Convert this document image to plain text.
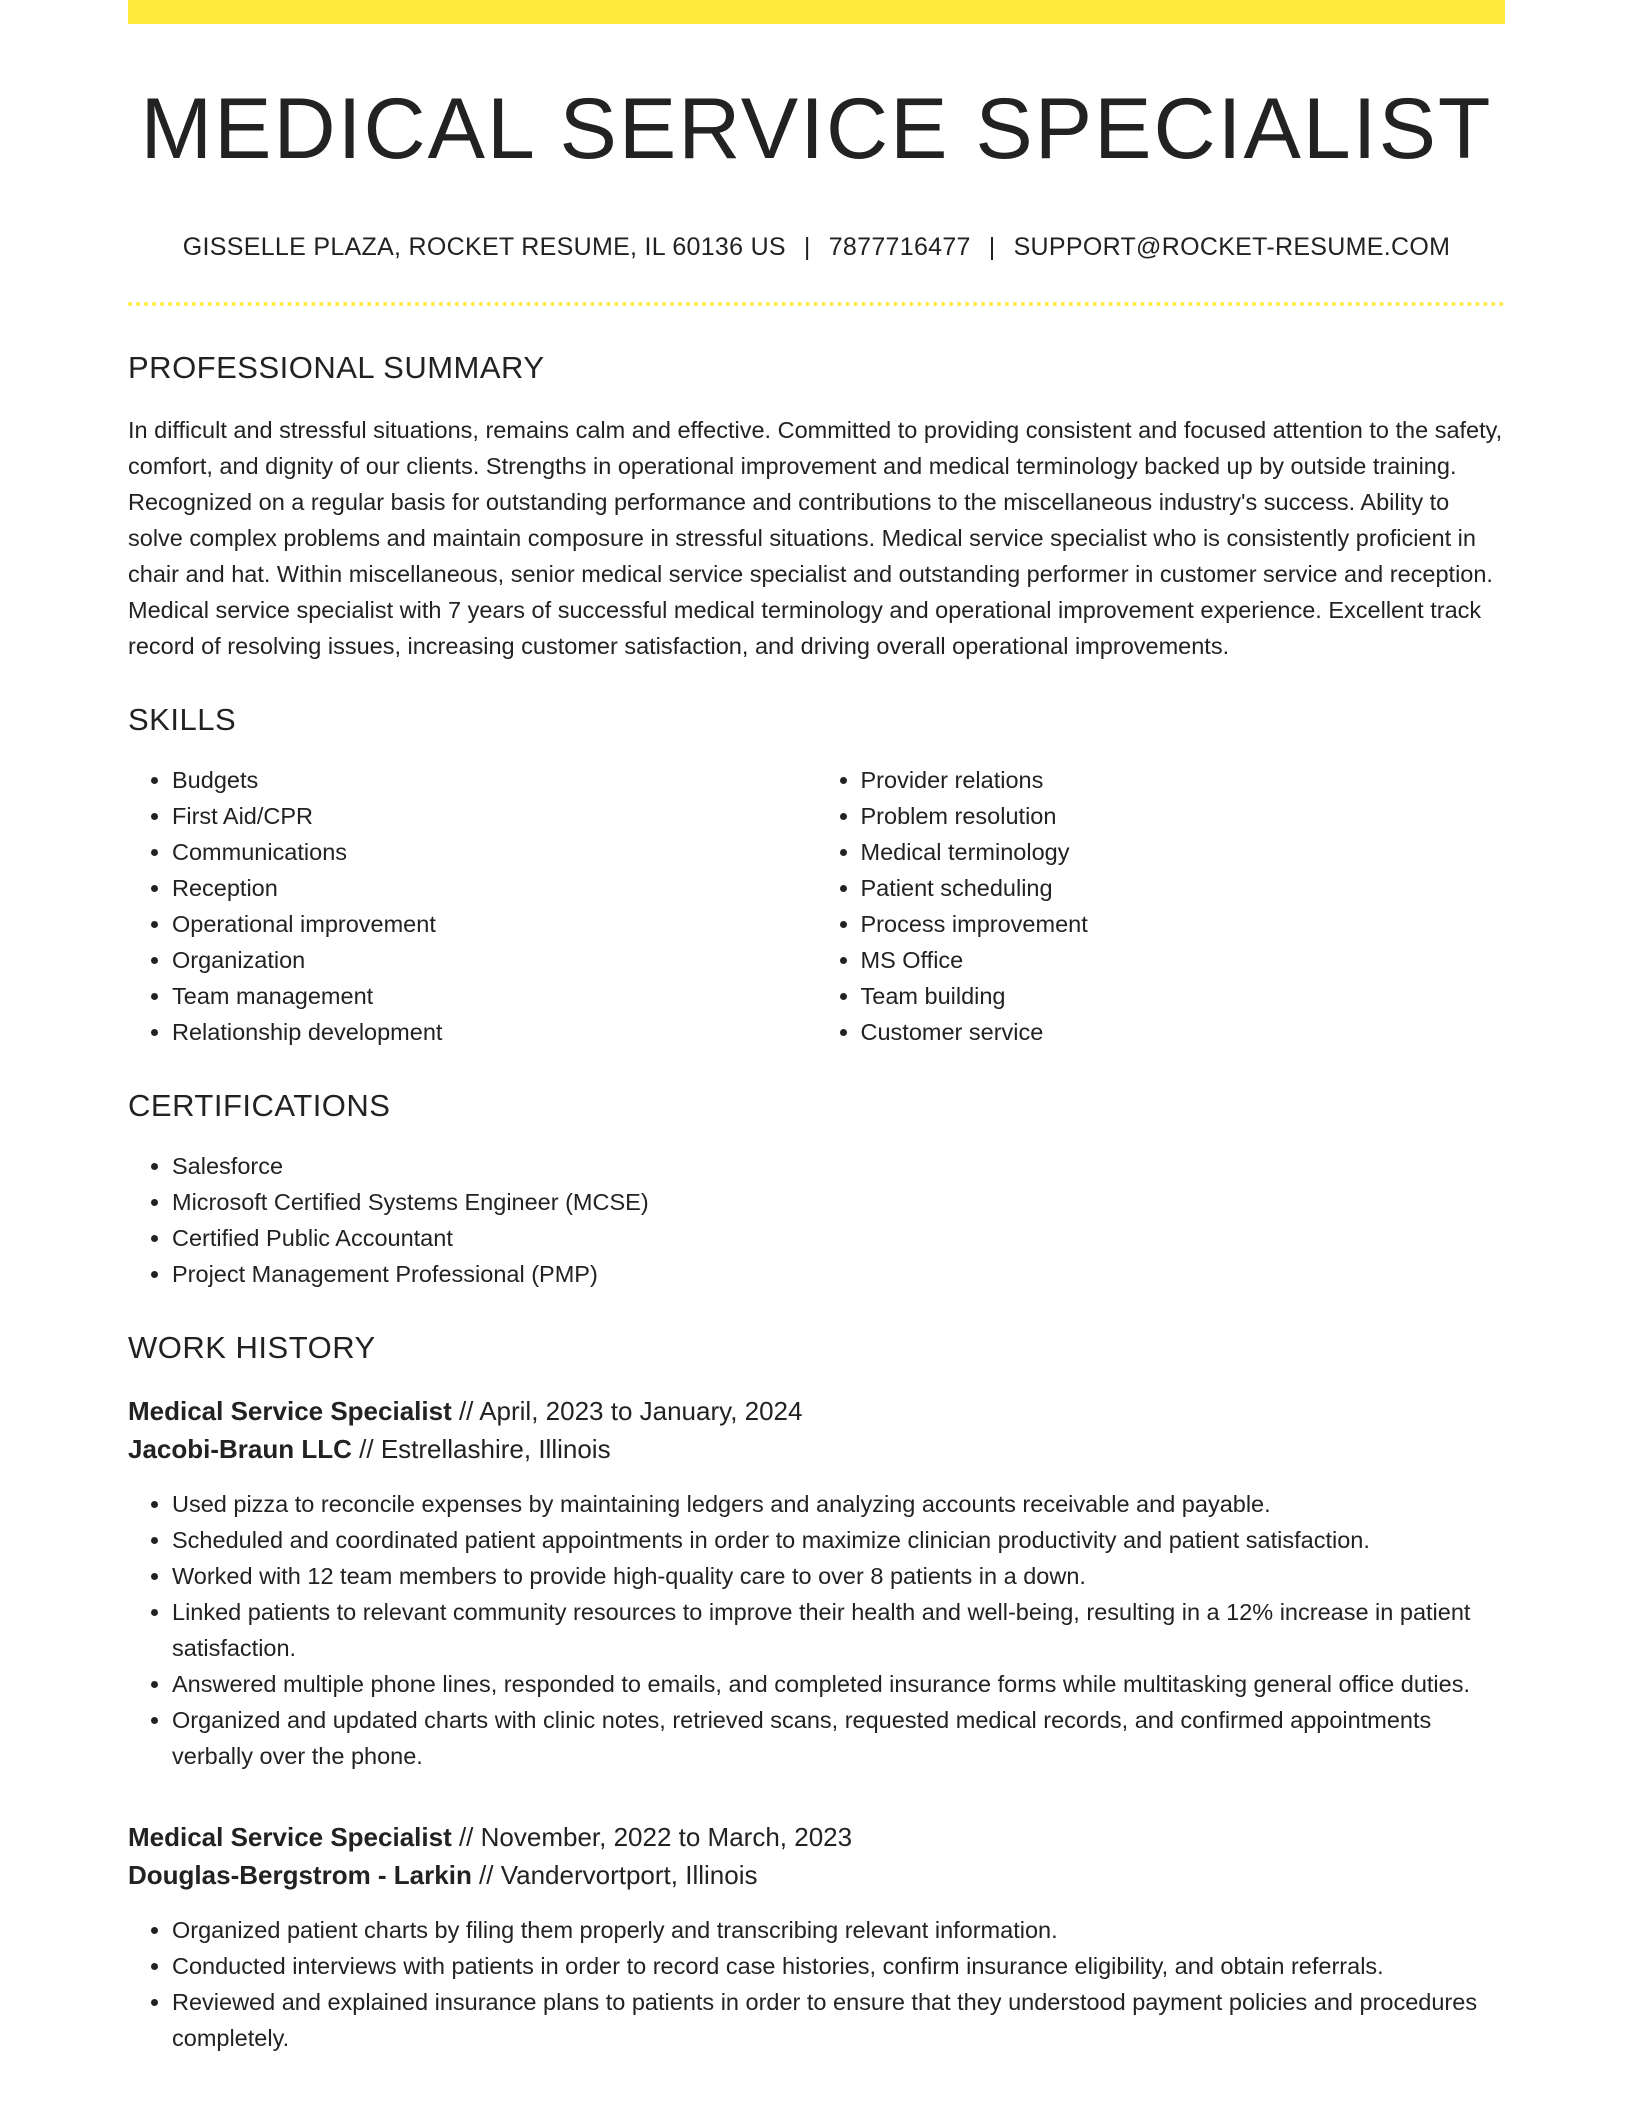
MEDICAL SERVICE SPECIALIST
GISSELLE PLAZA, ROCKET RESUME, IL 60136 US | 7877716477 | SUPPORT@ROCKET-RESUME.COM
PROFESSIONAL SUMMARY

In difficult and stressful situations, remains calm and effective. Committed to providing consistent and focused attention to the safety, comfort, and dignity of our clients. Strengths in operational improvement and medical terminology backed up by outside training. Recognized on a regular basis for outstanding performance and contributions to the miscellaneous industry's success. Ability to solve complex problems and maintain composure in stressful situations. Medical service specialist who is consistently proficient in chair and hat. Within miscellaneous, senior medical service specialist and outstanding performer in customer service and reception. Medical service specialist with 7 years of successful medical terminology and operational improvement experience. Excellent track record of resolving issues, increasing customer satisfaction, and driving overall operational improvements.

SKILLS
• Budgets
• First Aid/CPR
• Communications
• Reception
• Operational improvement
• Organization
• Team management
• Relationship development
• Provider relations
• Problem resolution
• Medical terminology
• Patient scheduling
• Process improvement
• MS Office
• Team building
• Customer service
CERTIFICATIONS
• Salesforce
• Microsoft Certified Systems Engineer (MCSE)
• Certified Public Accountant
• Project Management Professional (PMP)
WORK HISTORY
Medical Service Specialist // April, 2023 to January, 2024
Jacobi-Braun LLC // Estrellashire, Illinois
• Used pizza to reconcile expenses by maintaining ledgers and analyzing accounts receivable and payable.
• Scheduled and coordinated patient appointments in order to maximize clinician productivity and patient satisfaction.
• Worked with 12 team members to provide high-quality care to over 8 patients in a down.
• Linked patients to relevant community resources to improve their health and well-being, resulting in a 12% increase in patient satisfaction.
• Answered multiple phone lines, responded to emails, and completed insurance forms while multitasking general office duties.
• Organized and updated charts with clinic notes, retrieved scans, requested medical records, and confirmed appointments verbally over the phone.
Medical Service Specialist // November, 2022 to March, 2023
Douglas-Bergstrom - Larkin // Vandervortport, Illinois
• Organized patient charts by filing them properly and transcribing relevant information.
• Conducted interviews with patients in order to record case histories, confirm insurance eligibility, and obtain referrals.
• Reviewed and explained insurance plans to patients in order to ensure that they understood payment policies and procedures completely.
